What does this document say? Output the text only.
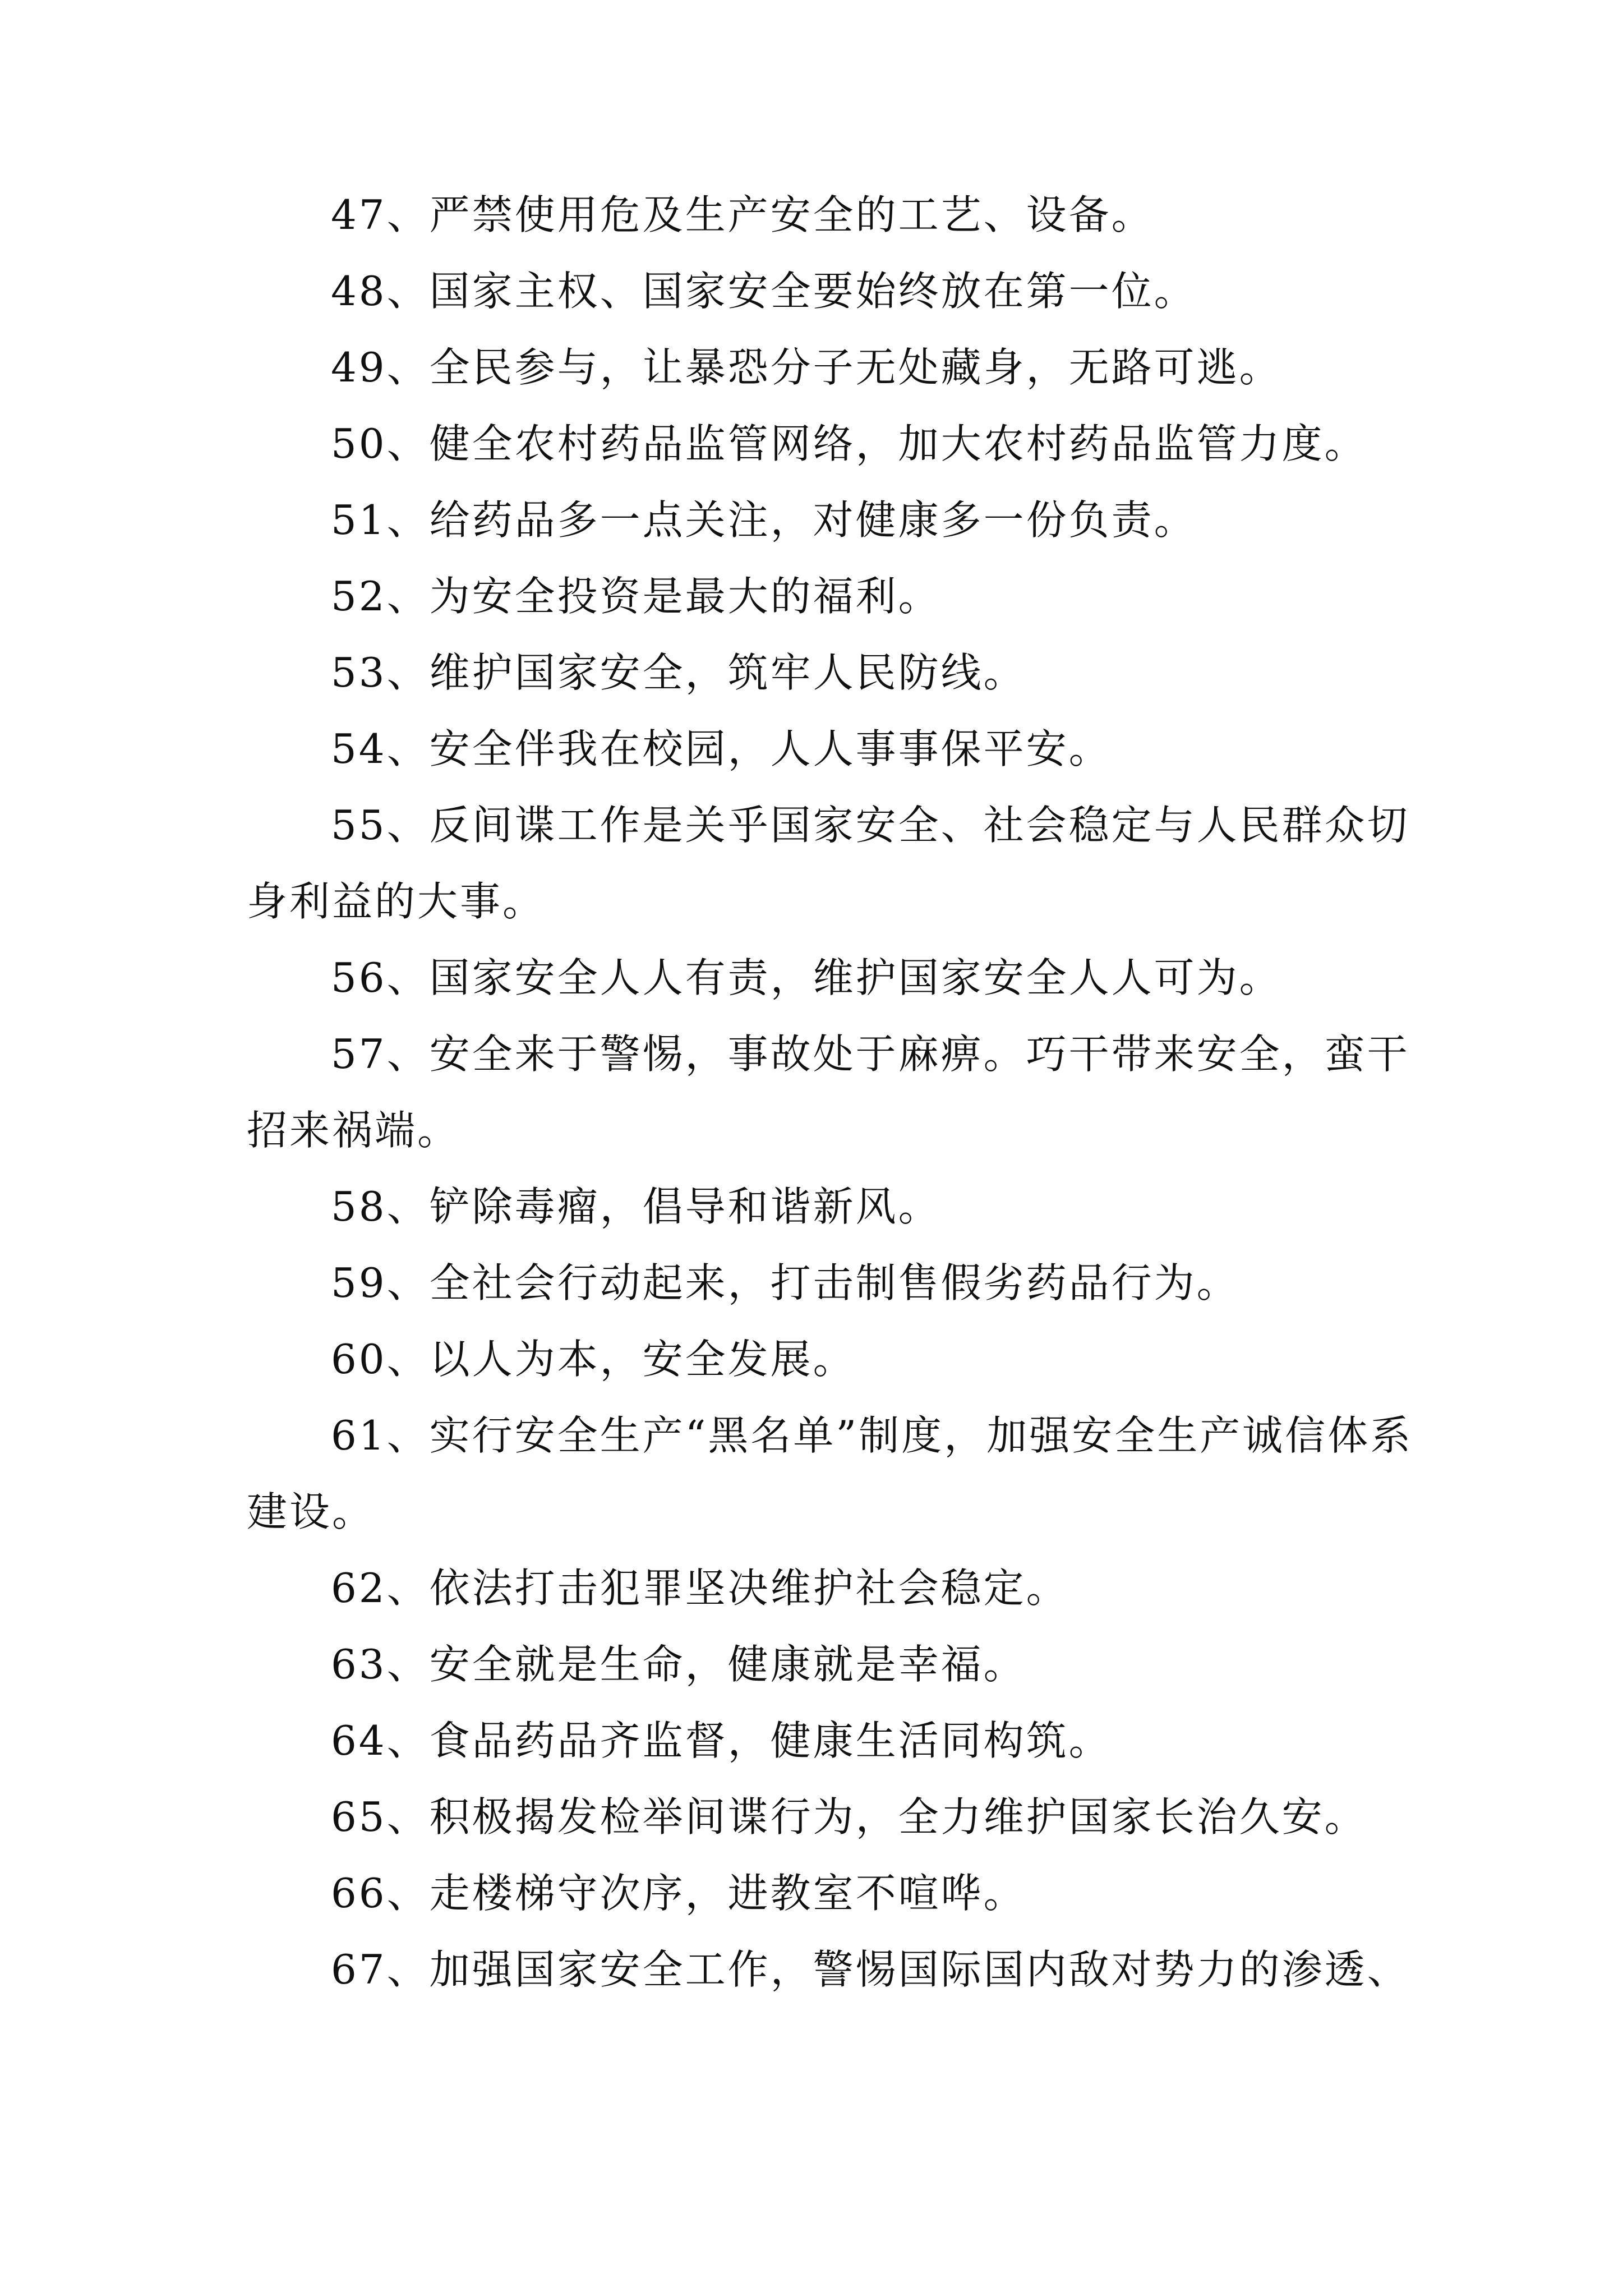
47、严禁使用危及生产安全的工艺、设备。

48、国家主权、国家安全要始终放在第一位。

49、全民参与，让暴恐分子无处藏身，无路可逃。

50、健全农村药品监管网络，加大农村药品监管力度。

51、给药品多一点关注，对健康多一份负责。

52、为安全投资是最大的福利。

53、维护国家安全，筑牢人民防线。

54、安全伴我在校园，人人事事保平安。

55、反间谍工作是关乎国家安全、社会稳定与人民群众切身利益的大事。

56、国家安全人人有责，维护国家安全人人可为。

57、安全来于警惕，事故处于麻痹。巧干带来安全，蛮干招来祸端。

58、铲除毒瘤，倡导和谐新风。

59、全社会行动起来，打击制售假劣药品行为。

60、以人为本，安全发展。

61、实行安全生产“黑名单”制度，加强安全生产诚信体系建设。

62、依法打击犯罪坚决维护社会稳定。

63、安全就是生命，健康就是幸福。

64、食品药品齐监督，健康生活同构筑。

65、积极揭发检举间谍行为，全力维护国家长治久安。

66、走楼梯守次序，进教室不喧哗。

67、加强国家安全工作，警惕国际国内敌对势力的渗透、
